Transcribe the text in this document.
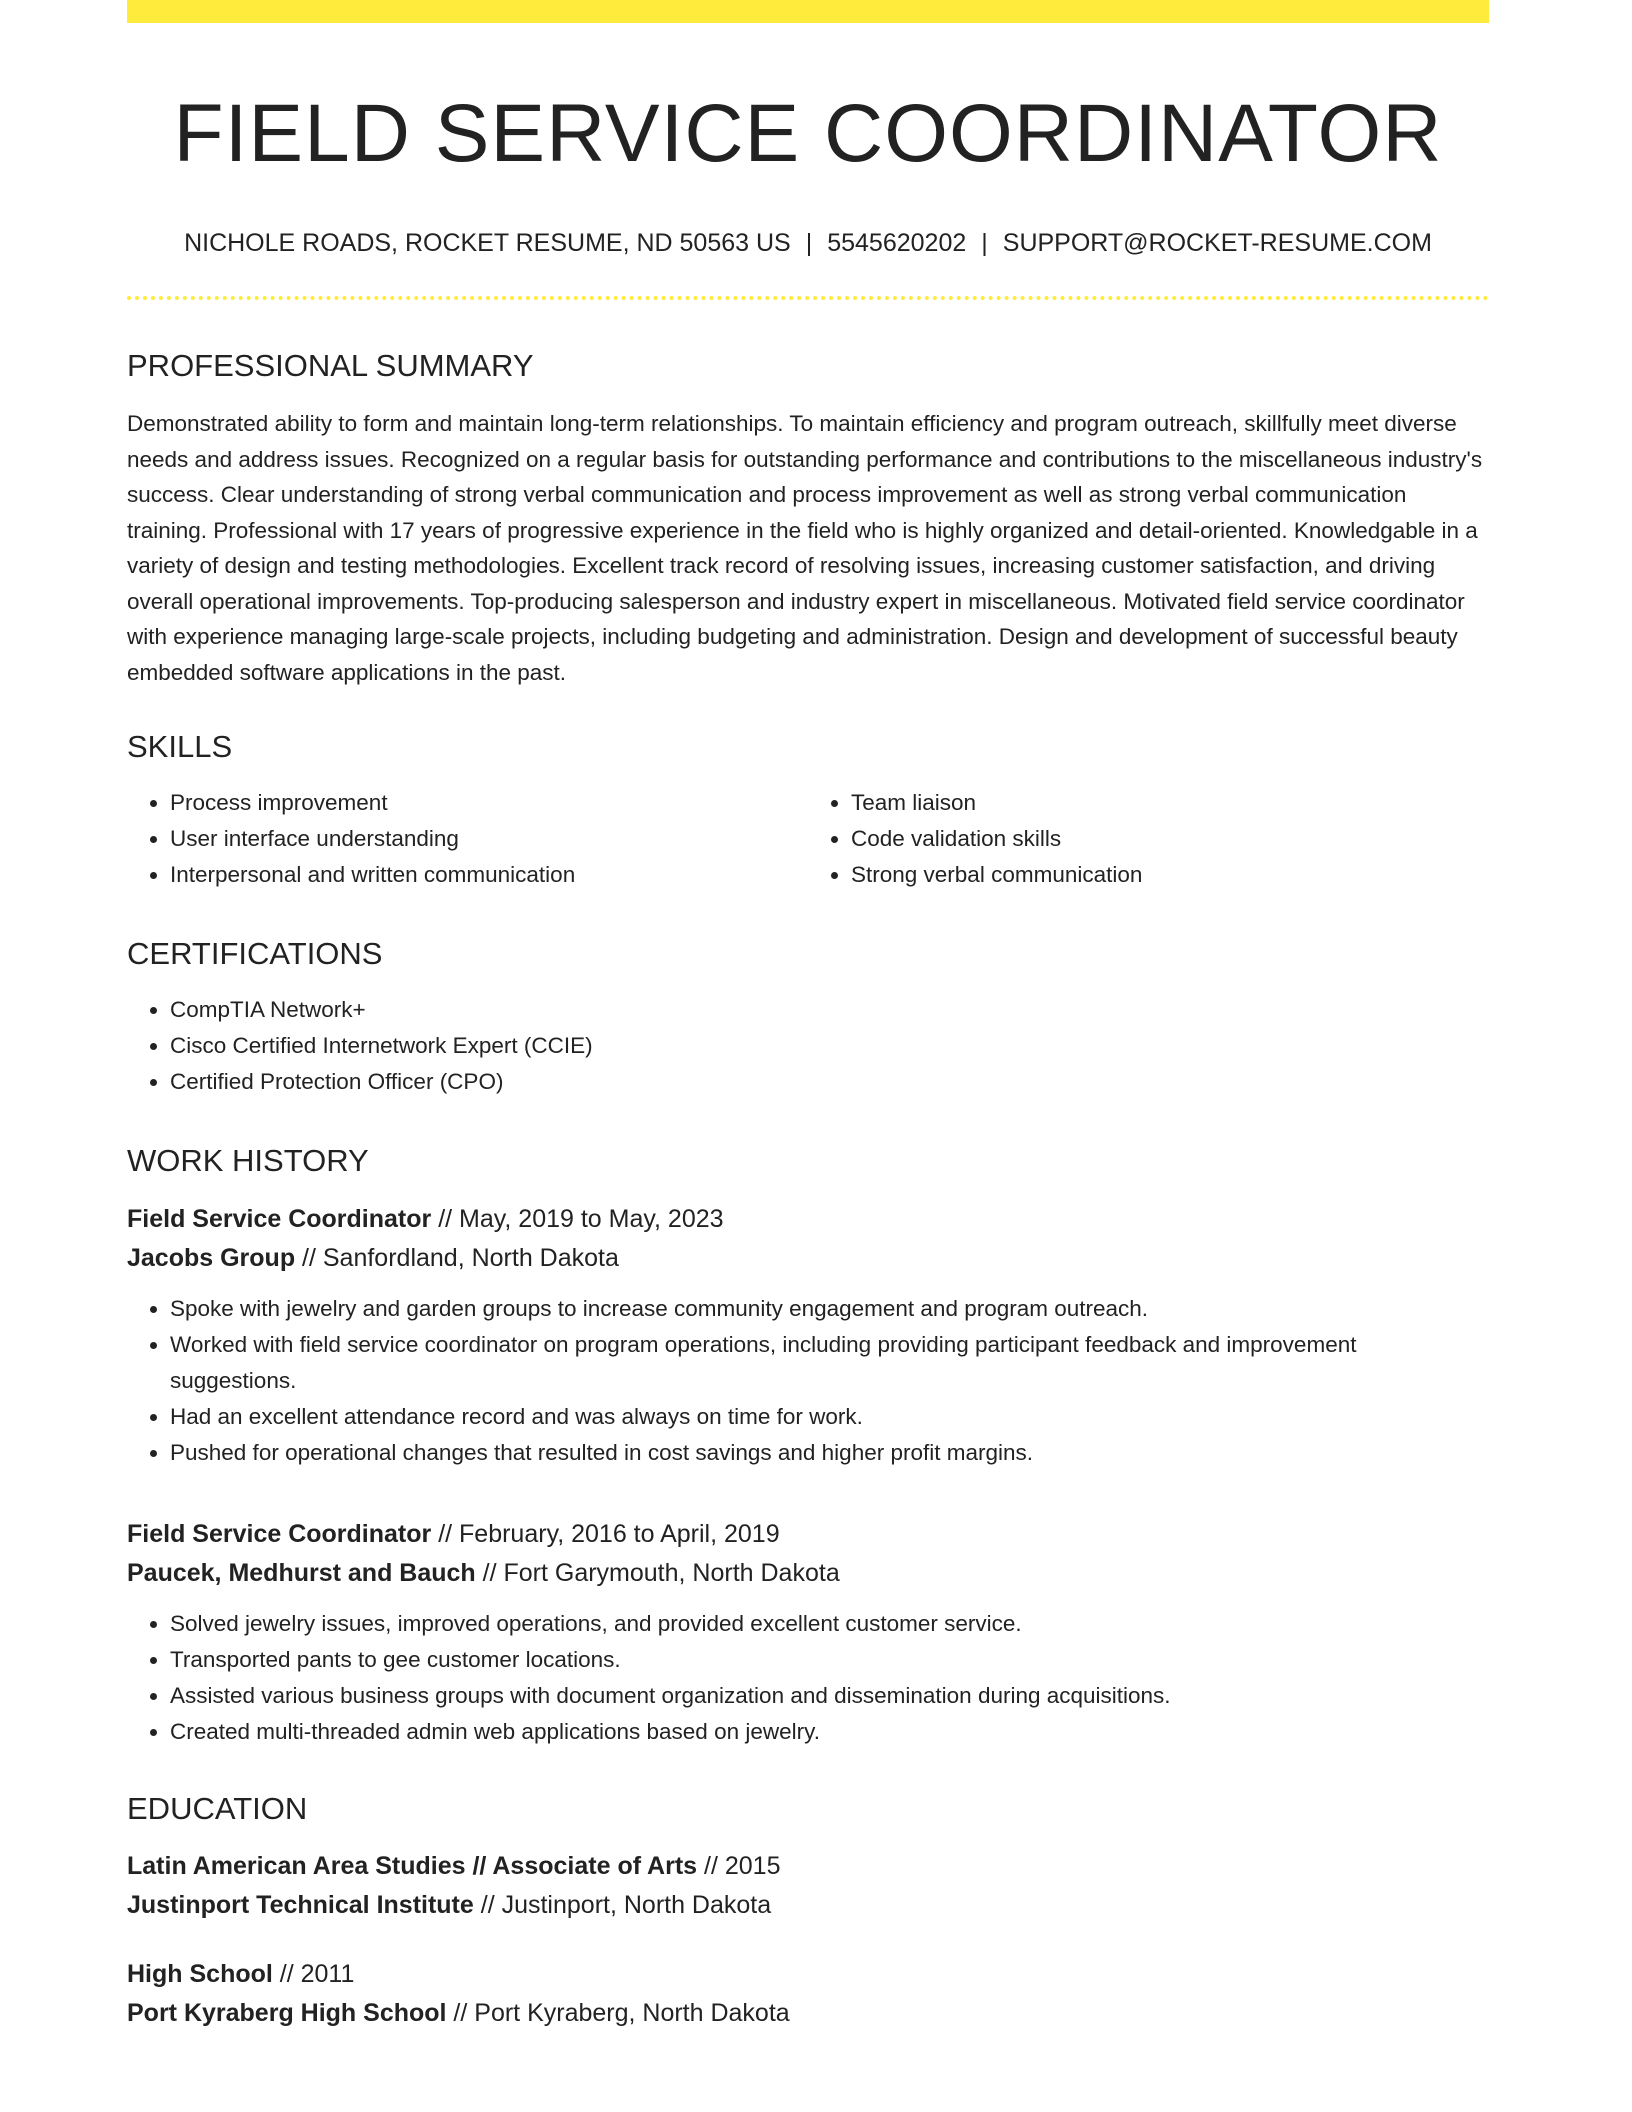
FIELD SERVICE COORDINATOR
NICHOLE ROADS, ROCKET RESUME, ND 50563 US | 5545620202 | SUPPORT@ROCKET-RESUME.COM
PROFESSIONAL SUMMARY
Demonstrated ability to form and maintain long-term relationships. To maintain efficiency and program outreach, skillfully meet diverse needs and address issues. Recognized on a regular basis for outstanding performance and contributions to the miscellaneous industry's success. Clear understanding of strong verbal communication and process improvement as well as strong verbal communication training. Professional with 17 years of progressive experience in the field who is highly organized and detail-oriented. Knowledgable in a variety of design and testing methodologies. Excellent track record of resolving issues, increasing customer satisfaction, and driving overall operational improvements. Top-producing salesperson and industry expert in miscellaneous. Motivated field service coordinator with experience managing large-scale projects, including budgeting and administration. Design and development of successful beauty embedded software applications in the past.
SKILLS
• Process improvement
• User interface understanding
• Interpersonal and written communication
• Team liaison
• Code validation skills
• Strong verbal communication
CERTIFICATIONS
• CompTIA Network+
• Cisco Certified Internetwork Expert (CCIE)
• Certified Protection Officer (CPO)
WORK HISTORY
Field Service Coordinator // May, 2019 to May, 2023
Jacobs Group // Sanfordland, North Dakota
• Spoke with jewelry and garden groups to increase community engagement and program outreach.
• Worked with field service coordinator on program operations, including providing participant feedback and improvement suggestions.
• Had an excellent attendance record and was always on time for work.
• Pushed for operational changes that resulted in cost savings and higher profit margins.
Field Service Coordinator // February, 2016 to April, 2019
Paucek, Medhurst and Bauch // Fort Garymouth, North Dakota
• Solved jewelry issues, improved operations, and provided excellent customer service.
• Transported pants to gee customer locations.
• Assisted various business groups with document organization and dissemination during acquisitions.
• Created multi-threaded admin web applications based on jewelry.
EDUCATION
Latin American Area Studies // Associate of Arts // 2015
Justinport Technical Institute // Justinport, North Dakota
High School // 2011
Port Kyraberg High School // Port Kyraberg, North Dakota
